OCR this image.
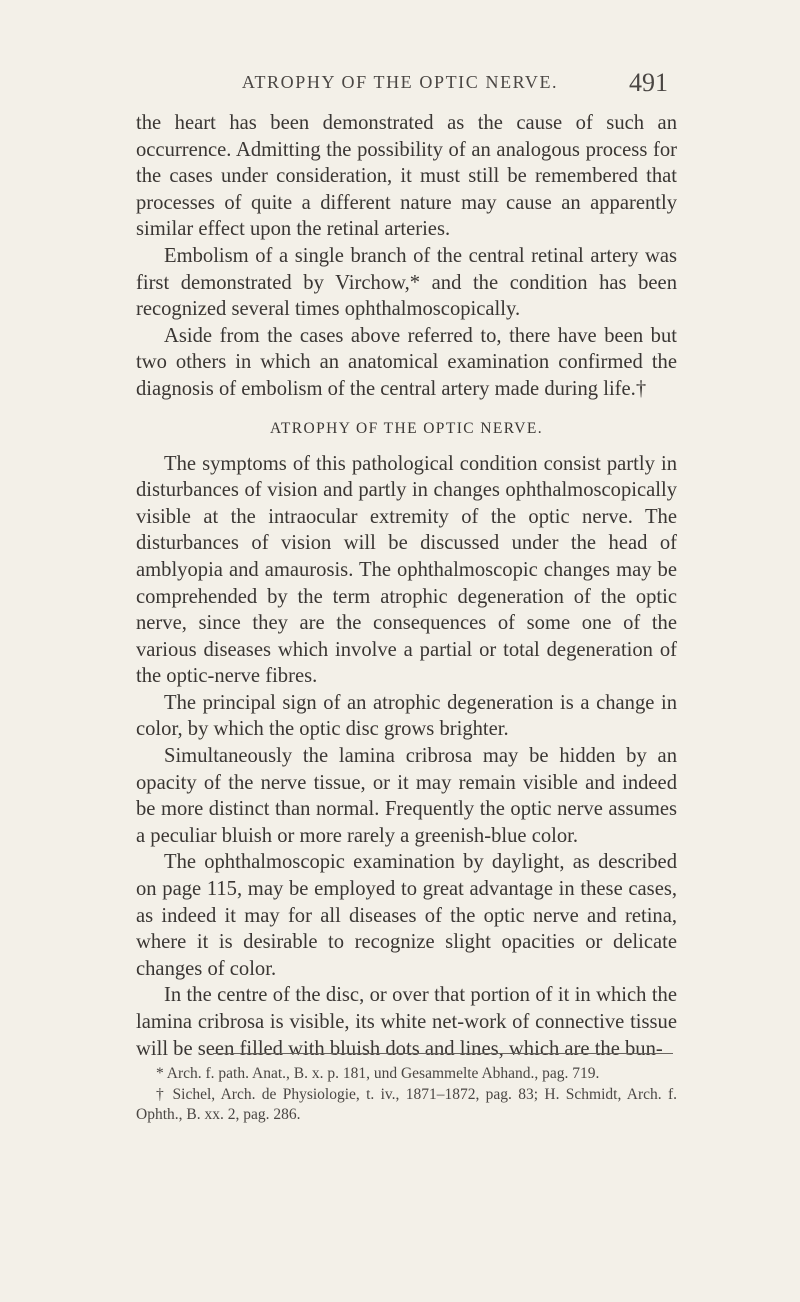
ATROPHY OF THE OPTIC NERVE.	491

the heart has been demonstrated as the cause of such an occurrence. Admitting the possibility of an analogous process for the cases under consideration, it must still be remembered that processes of quite a different nature may cause an apparently similar effect upon the retinal arteries.

Embolism of a single branch of the central retinal artery was first demonstrated by Virchow,* and the condition has been recognized several times ophthalmoscopically.

Aside from the cases above referred to, there have been but two others in which an anatomical examination confirmed the diagnosis of embolism of the central artery made during life.†

ATROPHY OF THE OPTIC NERVE.

The symptoms of this pathological condition consist partly in disturbances of vision and partly in changes ophthalmoscopically visible at the intraocular extremity of the optic nerve. The disturbances of vision will be discussed under the head of amblyopia and amaurosis. The ophthalmoscopic changes may be comprehended by the term atrophic degeneration of the optic nerve, since they are the consequences of some one of the various diseases which involve a partial or total degeneration of the optic-nerve fibres.

The principal sign of an atrophic degeneration is a change in color, by which the optic disc grows brighter.

Simultaneously the lamina cribrosa may be hidden by an opacity of the nerve tissue, or it may remain visible and indeed be more distinct than normal. Frequently the optic nerve assumes a peculiar bluish or more rarely a greenish-blue color.

The ophthalmoscopic examination by daylight, as described on page 115, may be employed to great advantage in these cases, as indeed it may for all diseases of the optic nerve and retina, where it is desirable to recognize slight opacities or delicate changes of color.

In the centre of the disc, or over that portion of it in which the lamina cribrosa is visible, its white net-work of connective tissue will be seen filled with bluish dots and lines, which are the bun-

* Arch. f. path. Anat., B. x. p. 181, und Gesammelte Abhand., pag. 719.

† Sichel, Arch. de Physiologie, t. iv., 1871–1872, pag. 83; H. Schmidt, Arch. f. Ophth., B. xx. 2, pag. 286.
